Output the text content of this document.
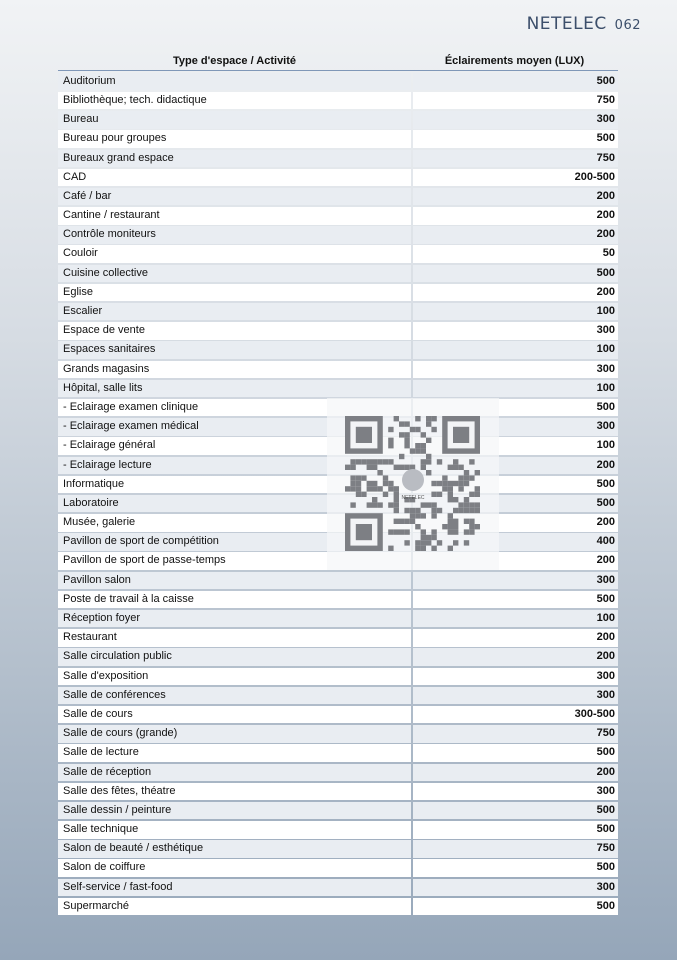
NETELEC 062
Type d'espace / Activité	Éclairements moyen (LUX)
Auditorium	500
Bibliothèque; tech. didactique	750
Bureau	300
Bureau pour groupes	500
Bureaux grand espace	750
CAD	200-500
Café / bar	200
Cantine / restaurant	200
Contrôle moniteurs	200
Couloir	50
Cuisine collective	500
Eglise	200
Escalier	100
Espace de vente	300
Espaces sanitaires	100
Grands magasins	300
Hôpital, salle lits	100
- Eclairage examen clinique	500
- Eclairage examen médical	300
- Eclairage général	100
- Eclairage lecture	200
Informatique	500
Laboratoire	500
Musée, galerie	200
Pavillon de sport de compétition	400
Pavillon de sport de passe-temps	200
Pavillon salon	300
Poste de travail à la caisse	500
Réception foyer	100
Restaurant	200
Salle circulation public	200
Salle d'exposition	300
Salle de conférences	300
Salle de cours	300-500
Salle de cours (grande)	750
Salle de lecture	500
Salle de réception	200
Salle des fêtes, théatre	300
Salle dessin / peinture	500
Salle technique	500
Salon de beauté / esthétique	750
Salon de coiffure	500
Self-service / fast-food	300
Supermarché	500
NETELEC
